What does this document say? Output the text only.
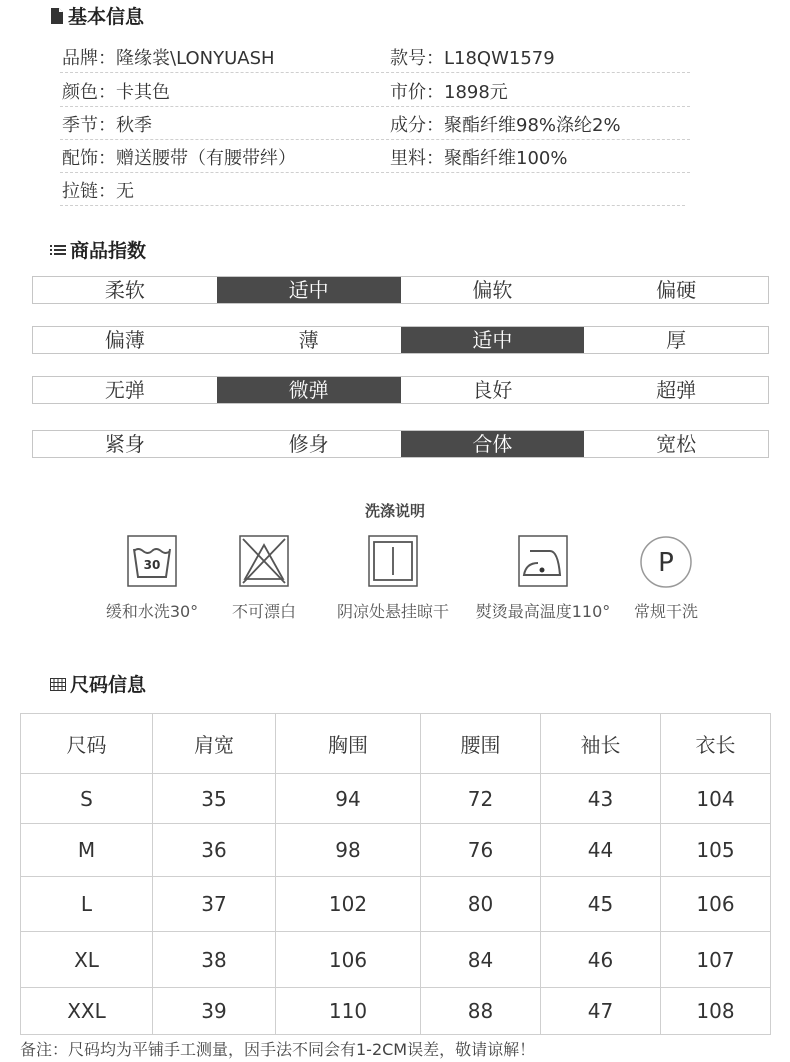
基本信息
品牌：隆缘裳\LONYUASH	款号：L18QW1579
颜色：卡其色	市价：1898元
季节：秋季	成分：聚酯纤维98%涤纶2%
配饰：赠送腰带（有腰带绊）	里料：聚酯纤维100%
拉链：无
商品指数
柔软	适中	偏软	偏硬
偏薄	薄	适中	厚
无弹	微弹	良好	超弹
紧身	修身	合体	宽松
洗涤说明
30
缓和水洗30°	不可漂白	阴凉处悬挂晾干	熨烫最高温度110°
P
常规干洗
尺码信息
尺码	肩宽	胸围	腰围	袖长	衣长
S	35	94	72	43	104
M	36	98	76	44	105
L	37	102	80	45	106
XL	38	106	84	46	107
XXL	39	110	88	47	108
备注：尺码均为平铺手工测量，因手法不同会有1-2CM误差，敬请谅解！
